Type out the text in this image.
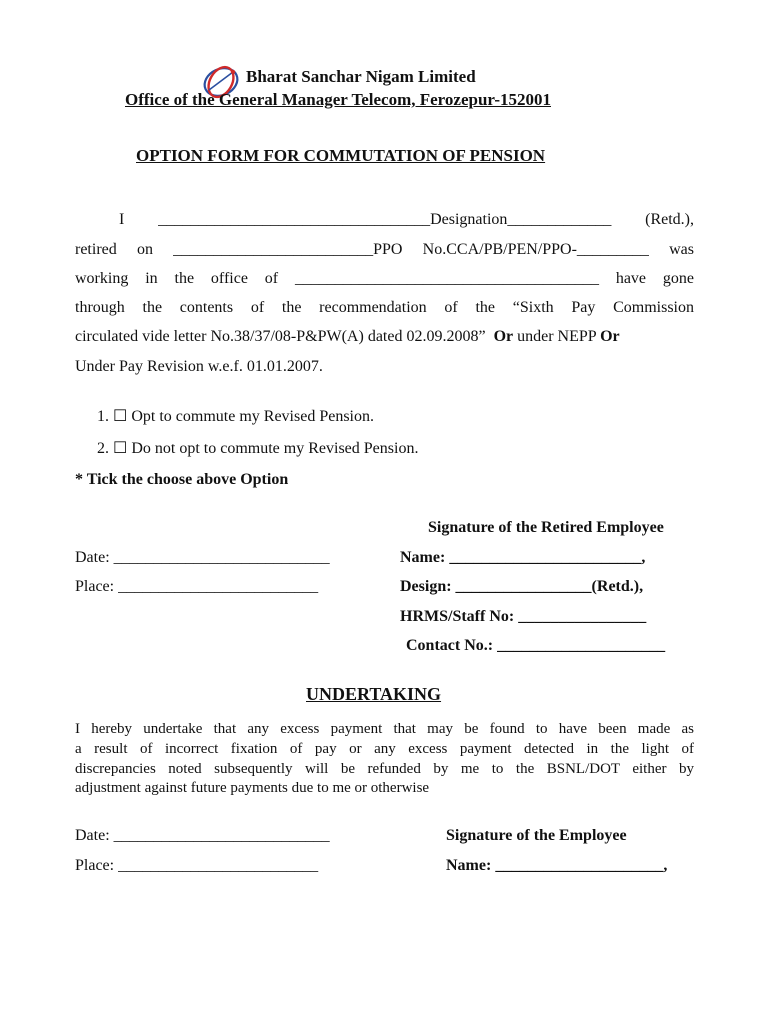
Bharat Sanchar Nigam Limited
Office of the General Manager Telecom, Ferozepur-152001
OPTION FORM FOR COMMUTATION OF PENSION
I __________________________________Designation_____________ (Retd.),
retired on _________________________PPO No.CCA/PB/PEN/PPO-_________ was
working in the office of ______________________________________ have gone
through the contents of the recommendation of the “Sixth Pay Commission
circulated vide letter No.38/37/08-P&PW(A) dated 02.09.2008” Or under NEPP Or
Under Pay Revision w.e.f. 01.01.2007.
1. ☐ Opt to commute my Revised Pension.
2. ☐ Do not opt to commute my Revised Pension.
* Tick the choose above Option
Signature of the Retired Employee
Date: ___________________________	Name: ________________________,
Place: _________________________	Design: _________________(Retd.),
HRMS/Staff No: ________________
Contact No.: _____________________
UNDERTAKING
I hereby undertake that any excess payment that may be found to have been made as
a result of incorrect fixation of pay or any excess payment detected in the light of
discrepancies noted subsequently will be refunded by me to the BSNL/DOT either by
adjustment against future payments due to me or otherwise
Signature of the Employee
Date: ___________________________
Place: _________________________	Name: _____________________,
